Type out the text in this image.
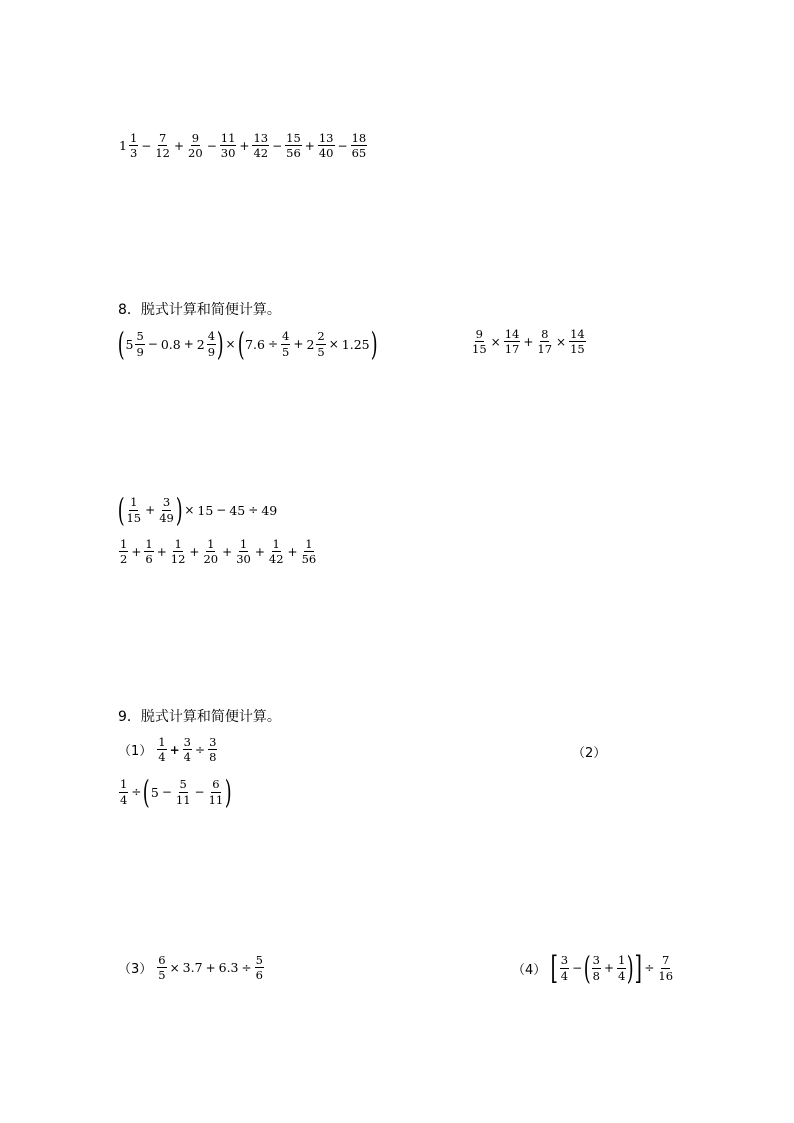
$1 \frac{1}{3} - \frac{7}{12} + \frac{9}{20} - \frac{11}{30} + \frac{13}{42} - \frac{15}{56} + \frac{13}{40} - \frac{18}{65}$
8．脱式计算和简便计算。
( $5 \frac{5}{9} - 0.8 + 2 \frac{4}{9}$ ) × ( $7.6 \div \frac{4}{5} + 2 \frac{2}{5} \times 1.25$ )	$\frac{9}{15} \times \frac{14}{17} + \frac{8}{17} \times \frac{14}{15}$
( $\frac{1}{15} + \frac{3}{49}$ ) × 15 − 45 ÷ 49
$\frac{1}{2} + \frac{1}{6} + \frac{1}{12} + \frac{1}{20} + \frac{1}{30} + \frac{1}{42} + \frac{1}{56}$
9．脱式计算和简便计算。
$(1) \frac{1}{4} + \frac{3}{4} \div \frac{3}{8}$	（2）
$\frac{1}{4}$ ÷ ( $5 - \frac{5}{11} - \frac{6}{11}$ )
$(3) \frac{6}{5} \times 3.7 + 6.3 \div \frac{5}{6}$	（4） [ $\frac{3}{4}$ − ( $\frac{3}{8} + \frac{1}{4}$ ) ] ÷ $\frac{7}{16}$
